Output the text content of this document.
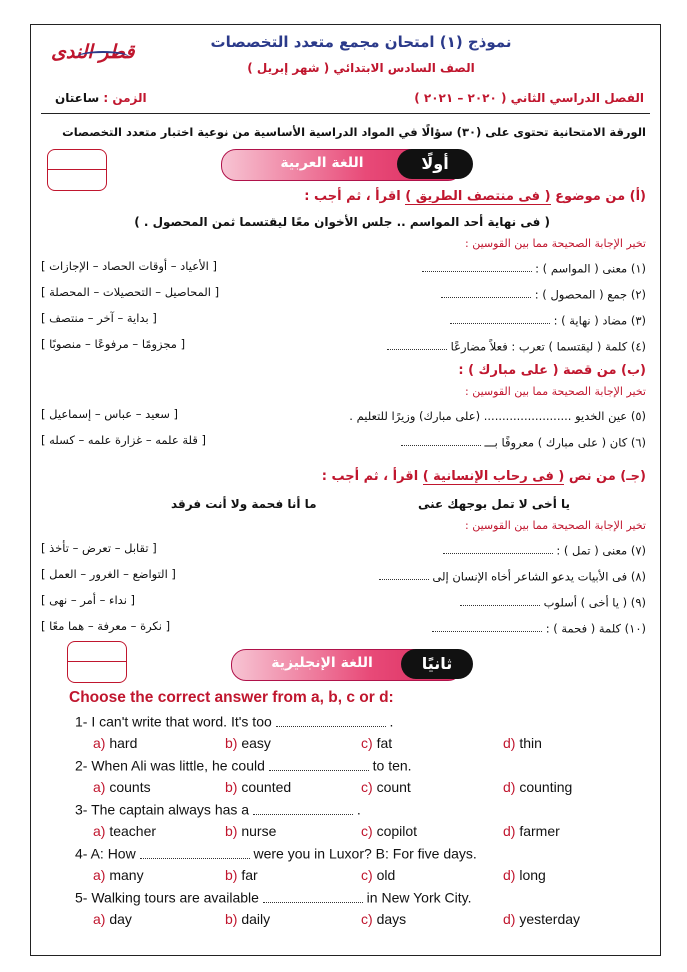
قطر الندى	نموذج (١) امتحان مجمع متعدد التخصصات
الصف السادس الابتدائي ( شهر إبريل )
الفصل الدراسي الثاني ( ٢٠٢٠ – ٢٠٢١ )
الزمن : ساعتان
الورقة الامتحانية تحتوى على (٣٠) سؤالًا في المواد الدراسية الأساسية من نوعية اختبار متعدد التخصصات
اللغة العربية	أولًا
(أ) من موضوع ( فى منتصف الطريق ) اقرأ ، ثم أجب :
( فى نهاية أحد المواسم .. جلس الأخوان معًا ليقتسما ثمن المحصول . )
تخير الإجابة الصحيحة مما بين القوسين :
(١) معنى ( المواسم ) :
[ الأعياد – أوقات الحصاد – الإجازات ]
(٢) جمع ( المحصول ) :
[ المحاصيل – التحصيلات – المحصلة ]
(٣) مضاد ( نهاية ) :
[ بداية – آخر – منتصف ]
(٤) كلمة ( ليقتسما ) تعرب : فعلاً مضارعًا
[ مجزومًا – مرفوعًا – منصوبًا ]
(ب) من قصة ( على مبارك ) :
تخير الإجابة الصحيحة مما بين القوسين :
(٥) عين الخديو ........................ (على مبارك) وزيرًا للتعليم .
[ سعيد – عباس – إسماعيل ]
(٦) كان ( على مبارك ) معروفًا بـــ
[ قلة علمه – غزارة علمه – كسله ]
(جـ) من نص ( فى رحاب الإنسانية ) اقرأ ، ثم أجب :
يا أخى لا تمل بوجهك عنى
ما أنا فحمة ولا أنت فرقد
تخير الإجابة الصحيحة مما بين القوسين :
(٧) معنى ( تمل ) :
[ تقابل – تعرض – تأخذ ]
(٨) فى الأبيات يدعو الشاعر أخاه الإنسان إلى
[ التواضع – الغرور – العمل ]
(٩) ( يا أخى ) أسلوب
[ نداء – أمر – نهى ]
(١٠) كلمة ( فحمة ) :
[ نكرة – معرفة – هما معًا ]
اللغة الإنجليزية	ثانيًا
Choose the correct answer from a, b, c or d:
1- I can't write that word. It's too	.
a) hard	b) easy	c) fat	d) thin
2- When Ali was little, he could	to ten.
a) counts	b) counted	c) count	d) counting
3- The captain always has a	.
a) teacher	b) nurse	c) copilot	d) farmer
4- A: How	were you in Luxor? B: For five days.
a) many	b) far	c) old	d) long
5- Walking tours are available	in New York City.
a) day	b) daily	c) days	d) yesterday
